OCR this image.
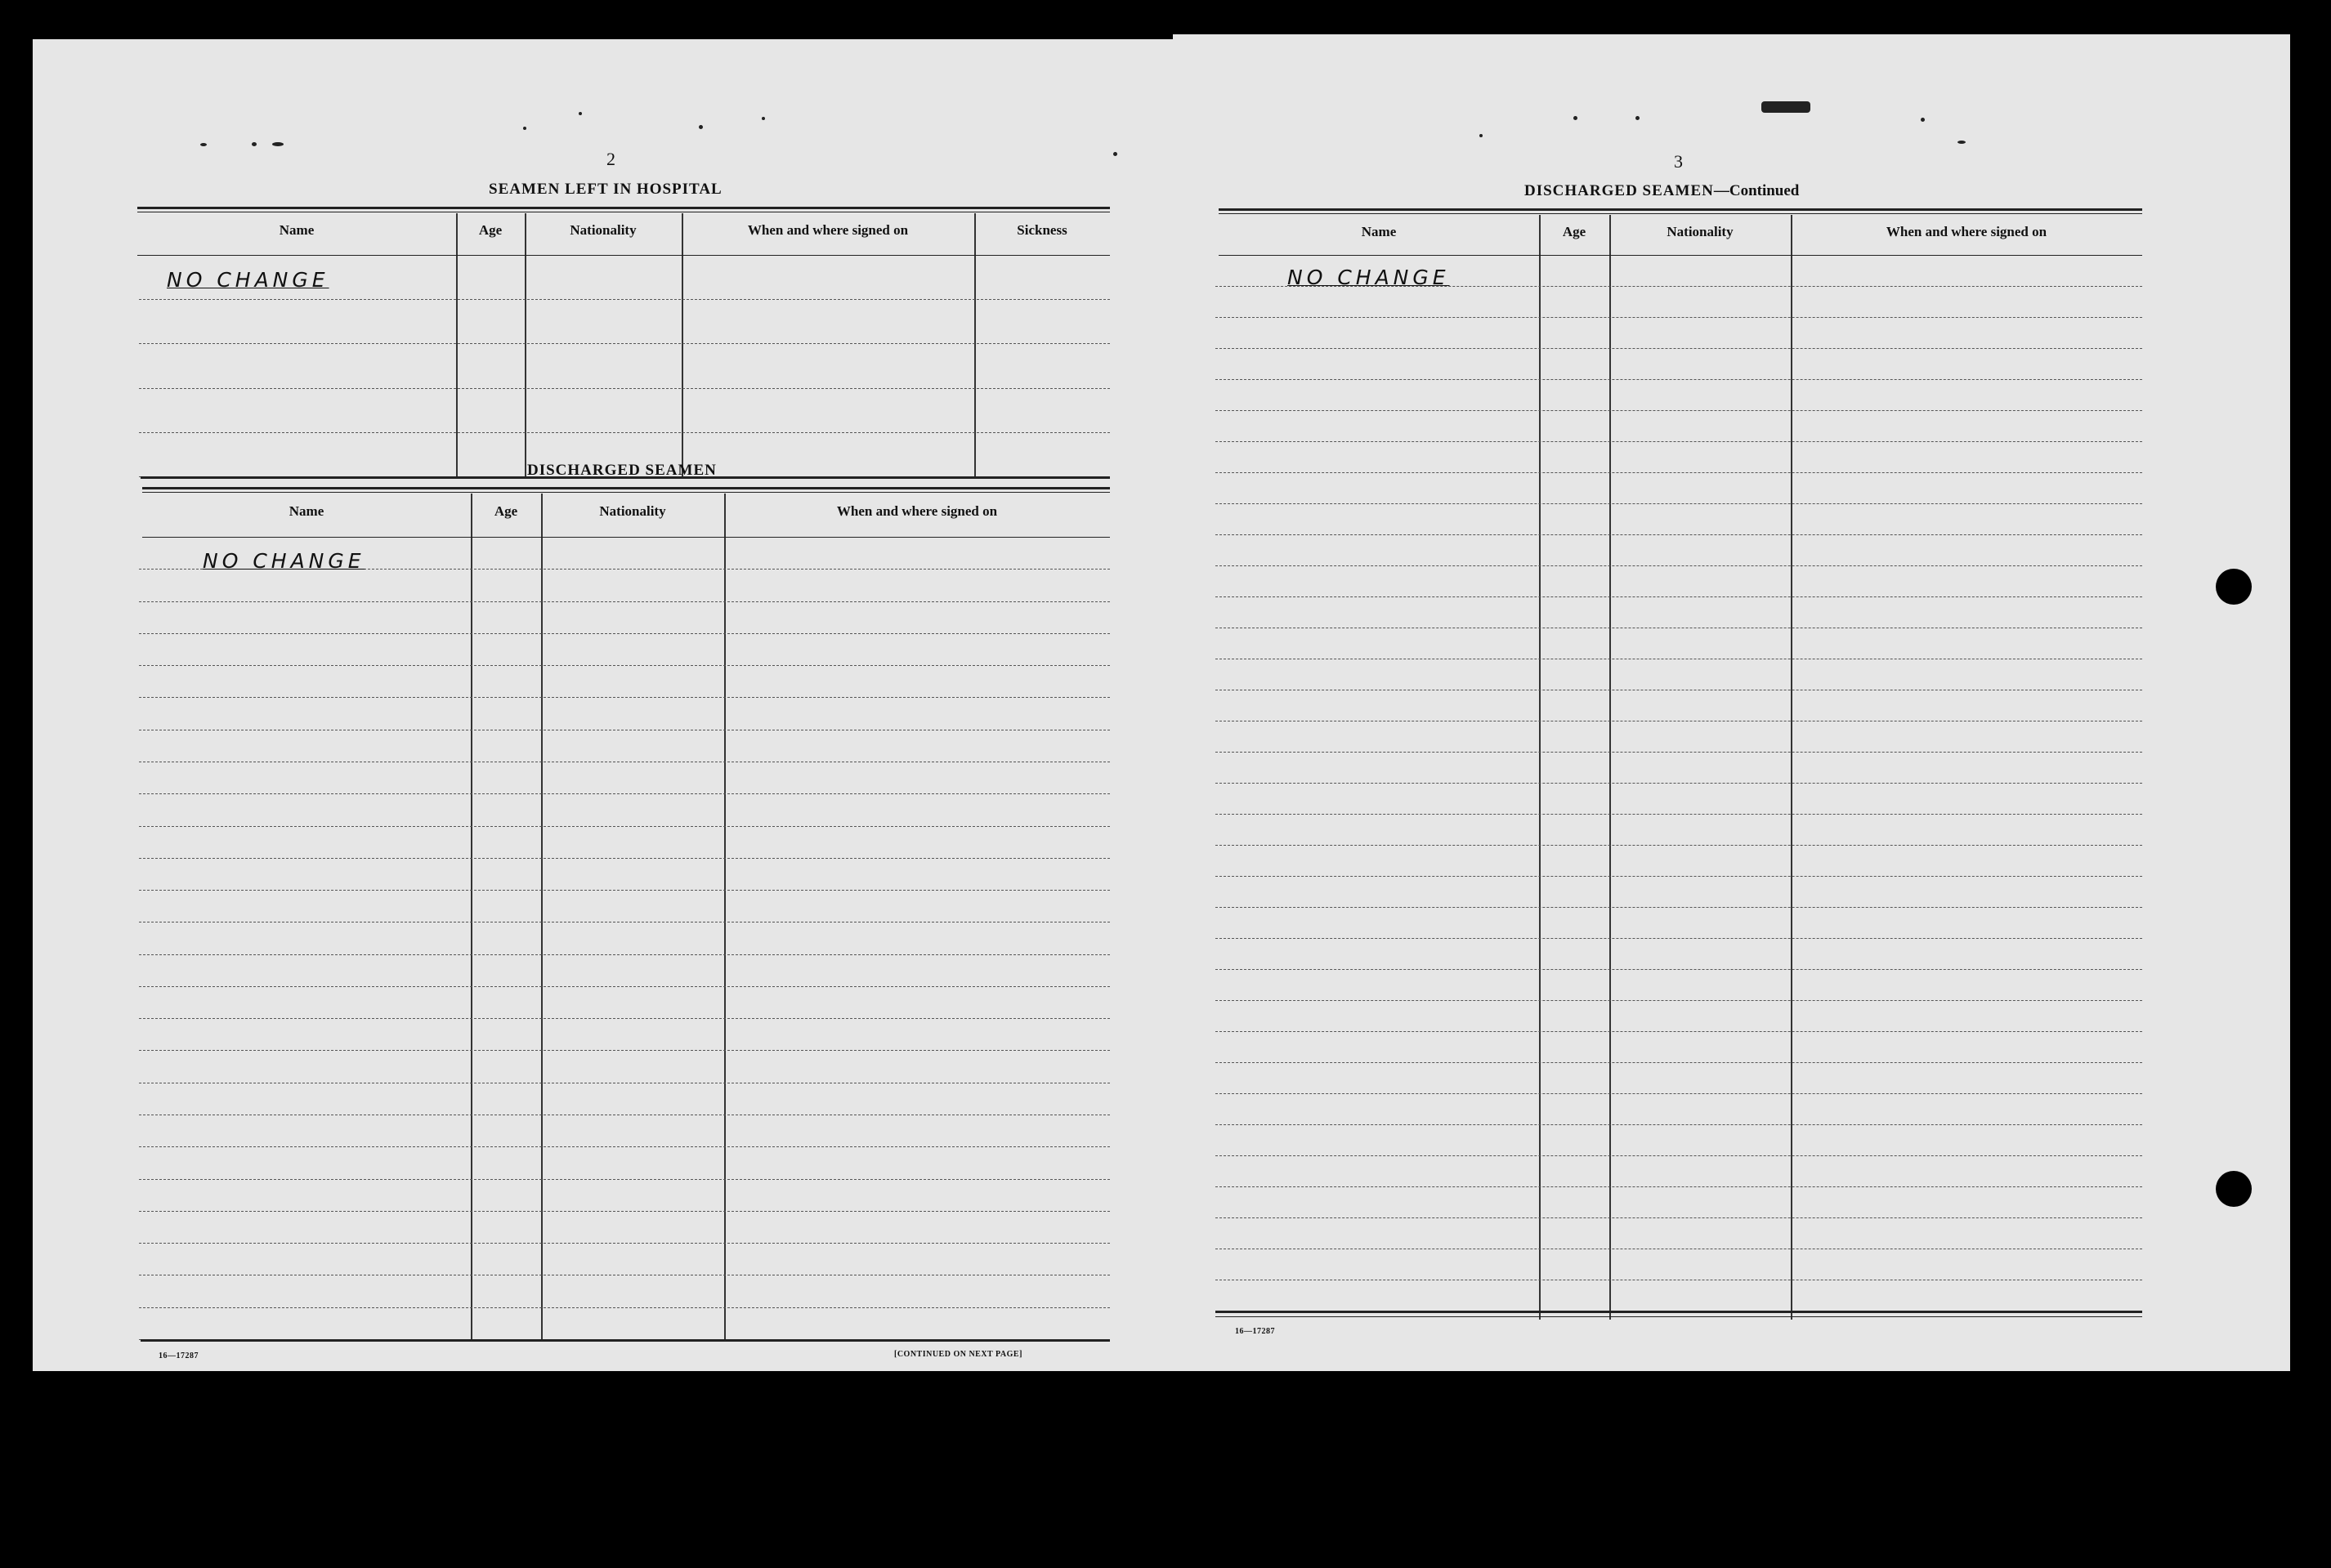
2
SEAMEN LEFT IN HOSPITAL
Name	Age	Nationality	When and where signed on	Sickness
NO CHANGE
DISCHARGED SEAMEN
Name	Age	Nationality	When and where signed on
NO CHANGE
16—17287	[CONTINUED ON NEXT PAGE]
3
DISCHARGED SEAMEN—Continued
Name	Age	Nationality	When and where signed on
NO CHANGE
16—17287
